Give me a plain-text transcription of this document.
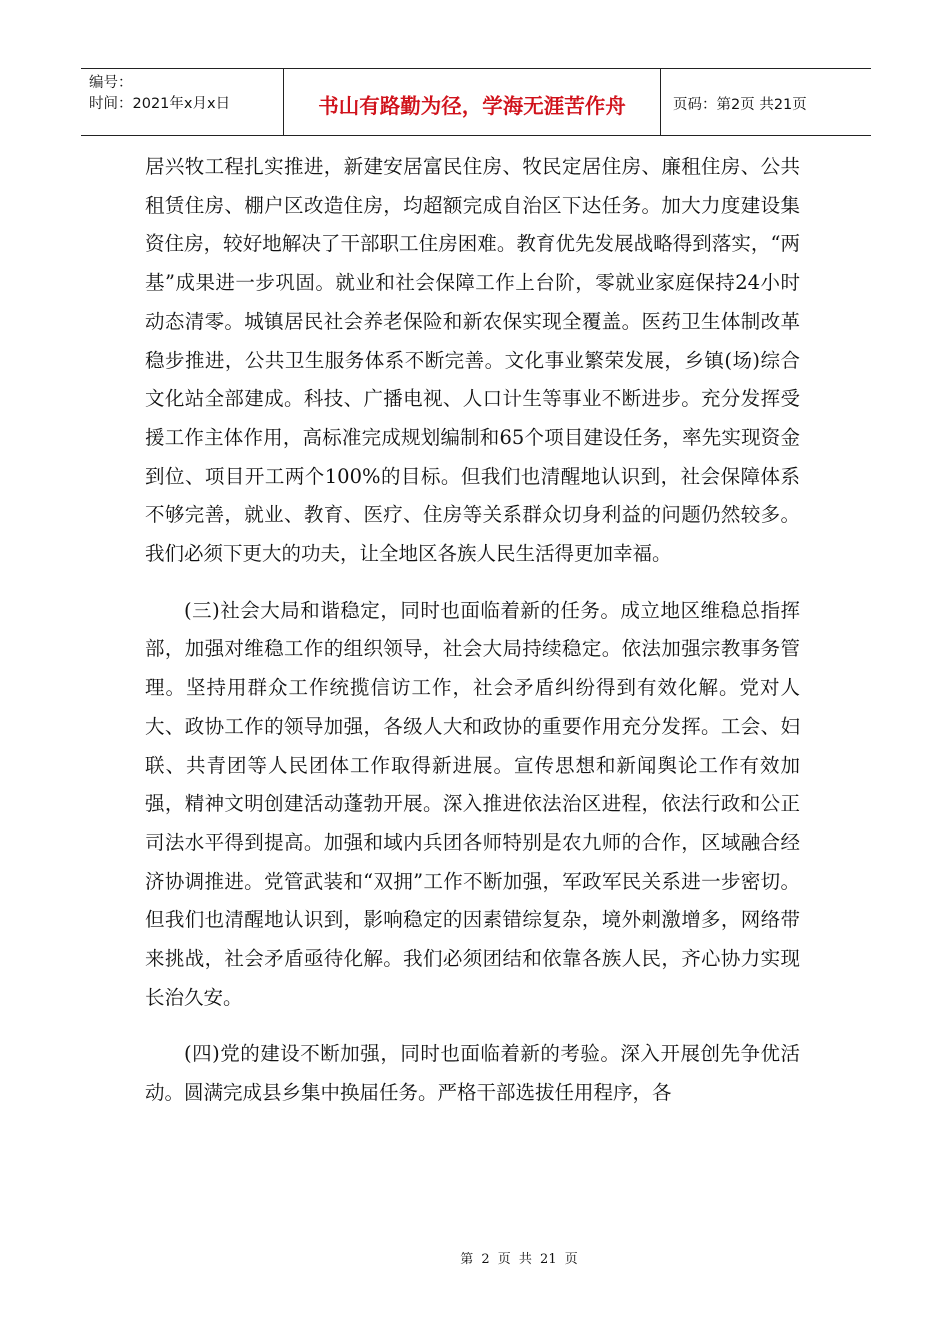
编号：
时间：2021年x月x日	书山有路勤为径，学海无涯苦作舟	页码：第2页 共21页

居兴牧工程扎实推进，新建安居富民住房、牧民定居住房、廉租住房、公共租赁住房、棚户区改造住房，均超额完成自治区下达任务。加大力度建设集资住房，较好地解决了干部职工住房困难。教育优先发展战略得到落实，“两基”成果进一步巩固。就业和社会保障工作上台阶，零就业家庭保持24小时动态清零。城镇居民社会养老保险和新农保实现全覆盖。医药卫生体制改革稳步推进，公共卫生服务体系不断完善。文化事业繁荣发展，乡镇(场)综合文化站全部建成。科技、广播电视、人口计生等事业不断进步。充分发挥受援工作主体作用，高标准完成规划编制和65个项目建设任务，率先实现资金到位、项目开工两个100%的目标。但我们也清醒地认识到，社会保障体系不够完善，就业、教育、医疗、住房等关系群众切身利益的问题仍然较多。我们必须下更大的功夫，让全地区各族人民生活得更加幸福。

(三)社会大局和谐稳定，同时也面临着新的任务。成立地区维稳总指挥部，加强对维稳工作的组织领导，社会大局持续稳定。依法加强宗教事务管理。坚持用群众工作统揽信访工作，社会矛盾纠纷得到有效化解。党对人大、政协工作的领导加强，各级人大和政协的重要作用充分发挥。工会、妇联、共青团等人民团体工作取得新进展。宣传思想和新闻舆论工作有效加强，精神文明创建活动蓬勃开展。深入推进依法治区进程，依法行政和公正司法水平得到提高。加强和域内兵团各师特别是农九师的合作，区域融合经济协调推进。党管武装和“双拥”工作不断加强，军政军民关系进一步密切。但我们也清醒地认识到，影响稳定的因素错综复杂，境外刺激增多，网络带来挑战，社会矛盾亟待化解。我们必须团结和依靠各族人民，齐心协力实现长治久安。

(四)党的建设不断加强，同时也面临着新的考验。深入开展创先争优活动。圆满完成县乡集中换届任务。严格干部选拔任用程序，各

第 2 页 共 21 页
